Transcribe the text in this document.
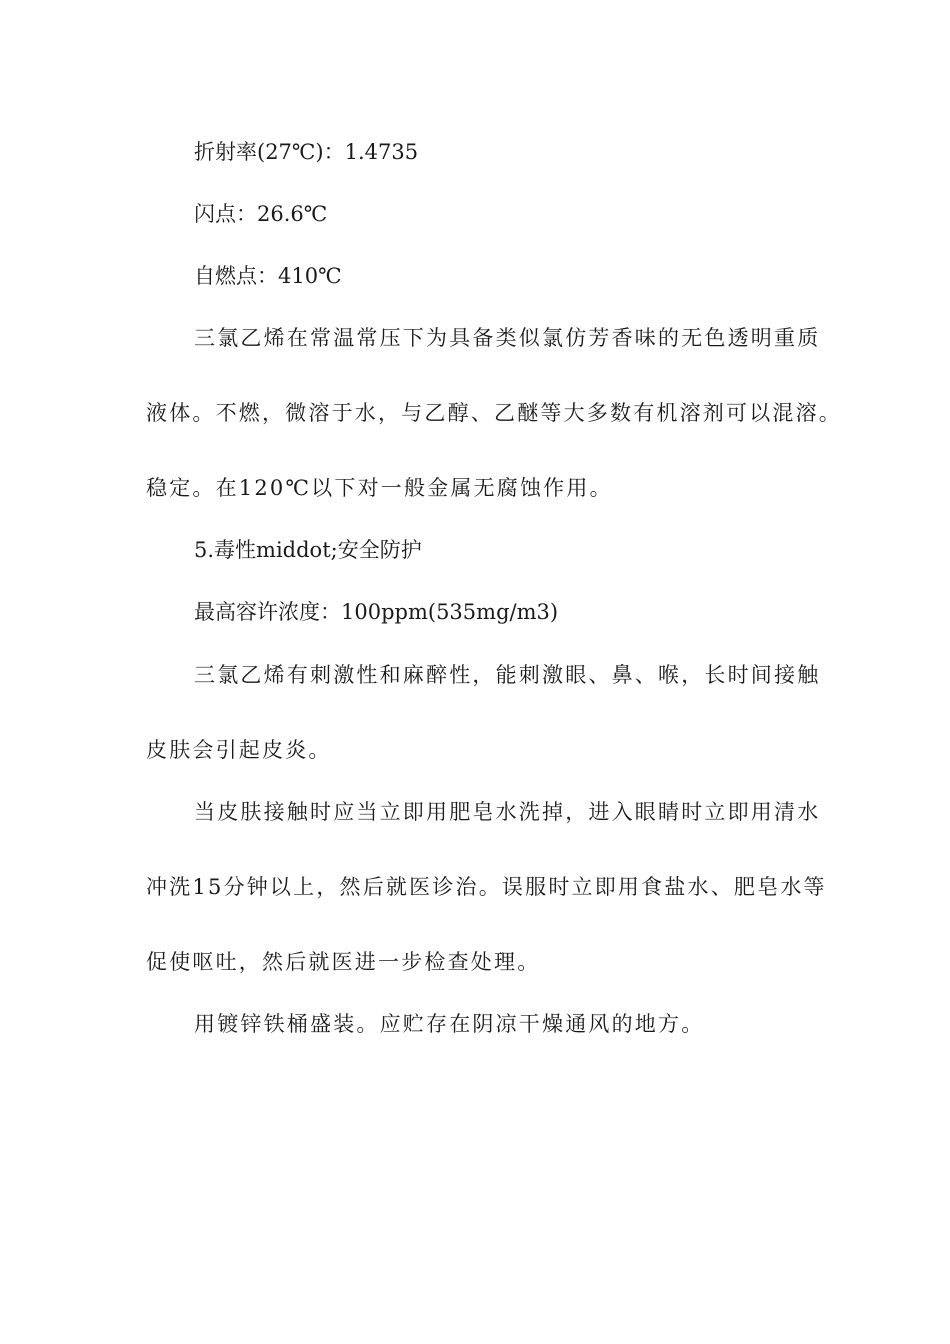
折射率(27℃)：1.4735
闪点：26.6℃
自燃点：410℃
三氯乙烯在常温常压下为具备类似氯仿芳香味的无色透明重质
液体。不燃，微溶于水，与乙醇、乙醚等大多数有机溶剂可以混溶。
稳定。在120℃以下对一般金属无腐蚀作用。
5.毒性middot;安全防护
最高容许浓度：100ppm(535mg/m3)
三氯乙烯有刺激性和麻醉性，能刺激眼、鼻、喉，长时间接触
皮肤会引起皮炎。
当皮肤接触时应当立即用肥皂水洗掉，进入眼睛时立即用清水
冲洗15分钟以上，然后就医诊治。误服时立即用食盐水、肥皂水等
促使呕吐，然后就医进一步检查处理。
用镀锌铁桶盛装。应贮存在阴凉干燥通风的地方。
